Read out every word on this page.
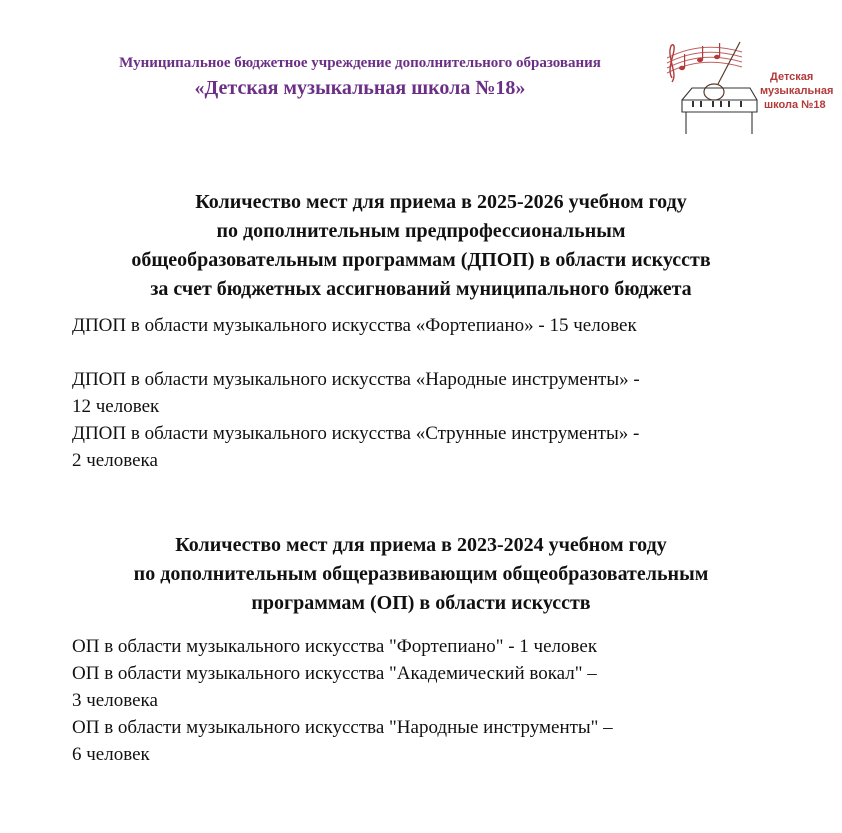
Муниципальное бюджетное учреждение дополнительного образования
«Детская музыкальная школа №18»	Детская
музыкальная
школа №18
Количество мест для приема в 2025-2026 учебном году
по дополнительным предпрофессиональным
общеобразовательным программам (ДПОП) в области искусств
за счет бюджетных ассигнований муниципального бюджета
ДПОП в области музыкального искусства «Фортепиано» - 15 человек
ДПОП в области музыкального искусства «Народные инструменты» -
12 человек
ДПОП в области музыкального искусства «Струнные инструменты» -
2 человека
Количество мест для приема в 2023-2024 учебном году
по дополнительным общеразвивающим общеобразовательным
программам (ОП) в области искусств
ОП в области музыкального искусства "Фортепиано" - 1 человек
ОП в области музыкального искусства "Академический вокал" –
3 человека
ОП в области музыкального искусства "Народные инструменты" –
6 человек
